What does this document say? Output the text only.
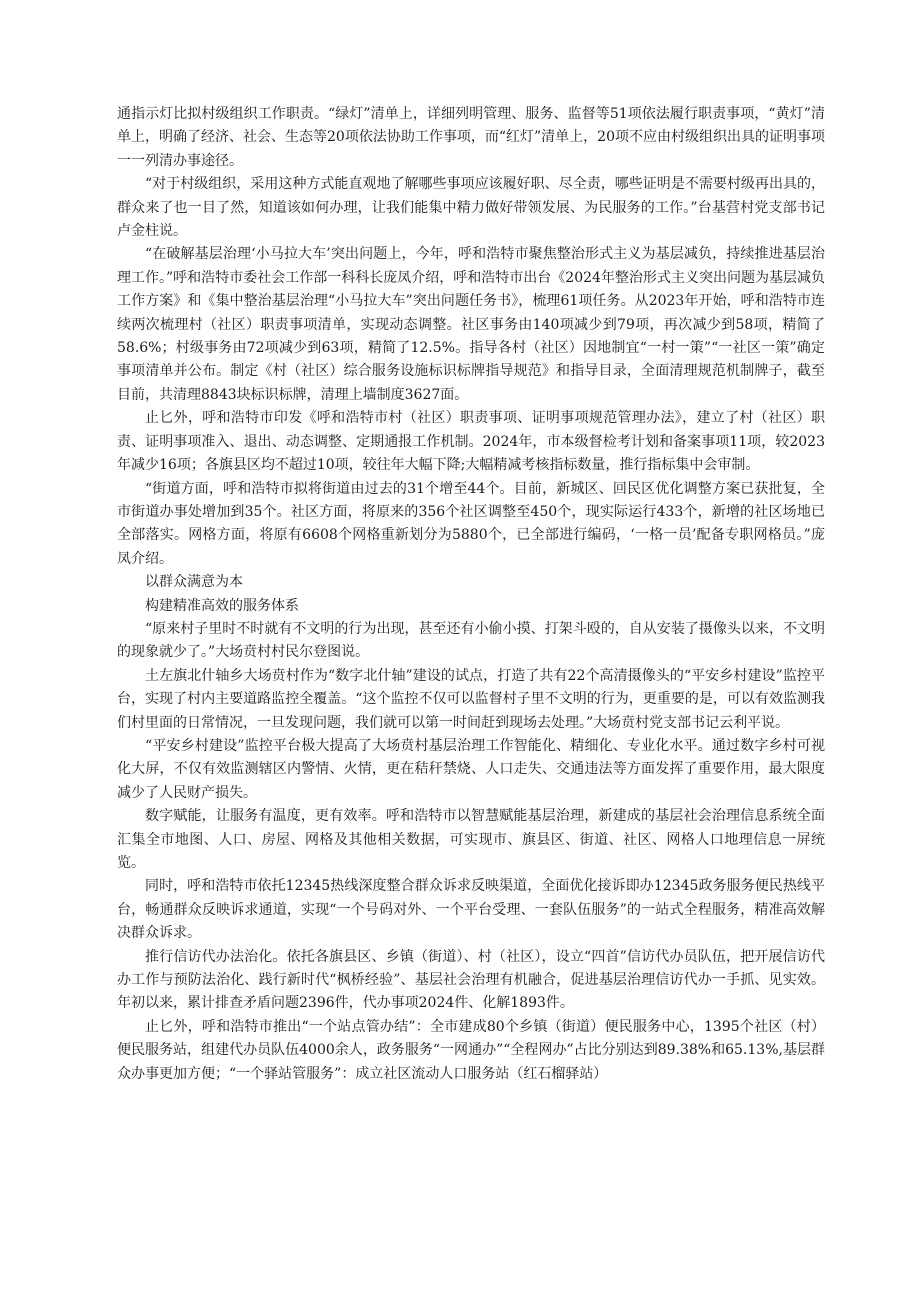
通指示灯比拟村级组织工作职责。“绿灯”清单上，详细列明管理、服务、监督等51项依法履行职责事项，“黄灯”清单上，明确了经济、社会、生态等20项依法协助工作事项，而“红灯”清单上，20项不应由村级组织出具的证明事项一一列清办事途径。

“对于村级组织，采用这种方式能直观地了解哪些事项应该履好职、尽全责，哪些证明是不需要村级再出具的，群众来了也一目了然，知道该如何办理，让我们能集中精力做好带领发展、为民服务的工作。”台基营村党支部书记卢金柱说。

“在破解基层治理‘小马拉大车’突出问题上，今年，呼和浩特市聚焦整治形式主义为基层减负，持续推进基层治理工作。”呼和浩特市委社会工作部一科科长庞凤介绍，呼和浩特市出台《2024年整治形式主义突出问题为基层减负工作方案》和《集中整治基层治理“小马拉大车”突出问题任务书》，梳理61项任务。从2023年开始，呼和浩特市连续两次梳理村（社区）职责事项清单，实现动态调整。社区事务由140项减少到79项，再次减少到58项，精简了58.6%；村级事务由72项减少到63项，精简了12.5%。指导各村（社区）因地制宜“一村一策”“一社区一策”确定事项清单并公布。制定《村（社区）综合服务设施标识标牌指导规范》和指导目录，全面清理规范机制牌子，截至目前，共清理8843块标识标牌，清理上墙制度3627面。

止匕外，呼和浩特市印发《呼和浩特市村（社区）职责事项、证明事项规范管理办法》，建立了村（社区）职责、证明事项准入、退出、动态调整、定期通报工作机制。2024年，市本级督检考计划和备案事项11项，较2023年减少16项；各旗县区均不超过10项，较往年大幅下降;大幅精减考核指标数量，推行指标集中会审制。

“街道方面，呼和浩特市拟将街道由过去的31个增至44个。目前，新城区、回民区优化调整方案已获批复，全市街道办事处增加到35个。社区方面，将原来的356个社区调整至450个，现实际运行433个，新增的社区场地已全部落实。网格方面，将原有6608个网格重新划分为5880个，已全部进行编码，‘一格一员’配备专职网格员。”庞凤介绍。

以群众满意为本

构建精准高效的服务体系

“原来村子里时不时就有不文明的行为出现，甚至还有小偷小摸、打架斗殴的，自从安装了摄像头以来，不文明的现象就少了。”大场贲村村民尔登图说。

土左旗北什轴乡大场贲村作为“数字北什轴”建设的试点，打造了共有22个高清摄像头的“平安乡村建设”监控平台，实现了村内主要道路监控全覆盖。“这个监控不仅可以监督村子里不文明的行为，更重要的是，可以有效监测我们村里面的日常情况，一旦发现问题，我们就可以第一时间赶到现场去处理。”大场贲村党支部书记云利平说。

“平安乡村建设”监控平台极大提高了大场贲村基层治理工作智能化、精细化、专业化水平。通过数字乡村可视化大屏，不仅有效监测辖区内警情、火情，更在秸秆禁烧、人口走失、交通违法等方面发挥了重要作用，最大限度减少了人民财产损失。

数字赋能，让服务有温度，更有效率。呼和浩特市以智慧赋能基层治理，新建成的基层社会治理信息系统全面汇集全市地图、人口、房屋、网格及其他相关数据，可实现市、旗县区、街道、社区、网格人口地理信息一屏统览。

同时，呼和浩特市依托12345热线深度整合群众诉求反映渠道，全面优化接诉即办12345政务服务便民热线平台，畅通群众反映诉求通道，实现“一个号码对外、一个平台受理、一套队伍服务”的一站式全程服务，精准高效解决群众诉求。

推行信访代办法治化。依托各旗县区、乡镇（街道）、村（社区），设立“四首”信访代办员队伍，把开展信访代办工作与预防法治化、践行新时代“枫桥经验”、基层社会治理有机融合，促进基层治理信访代办一手抓、见实效。年初以来，累计排查矛盾问题2396件，代办事项2024件、化解1893件。

止匕外，呼和浩特市推出“一个站点管办结”：全市建成80个乡镇（街道）便民服务中心，1395个社区（村）便民服务站，组建代办员队伍4000余人，政务服务“一网通办”“全程网办”占比分别达到89.38%和65.13%,基层群众办事更加方便；“一个驿站管服务”：成立社区流动人口服务站（红石榴驿站）
